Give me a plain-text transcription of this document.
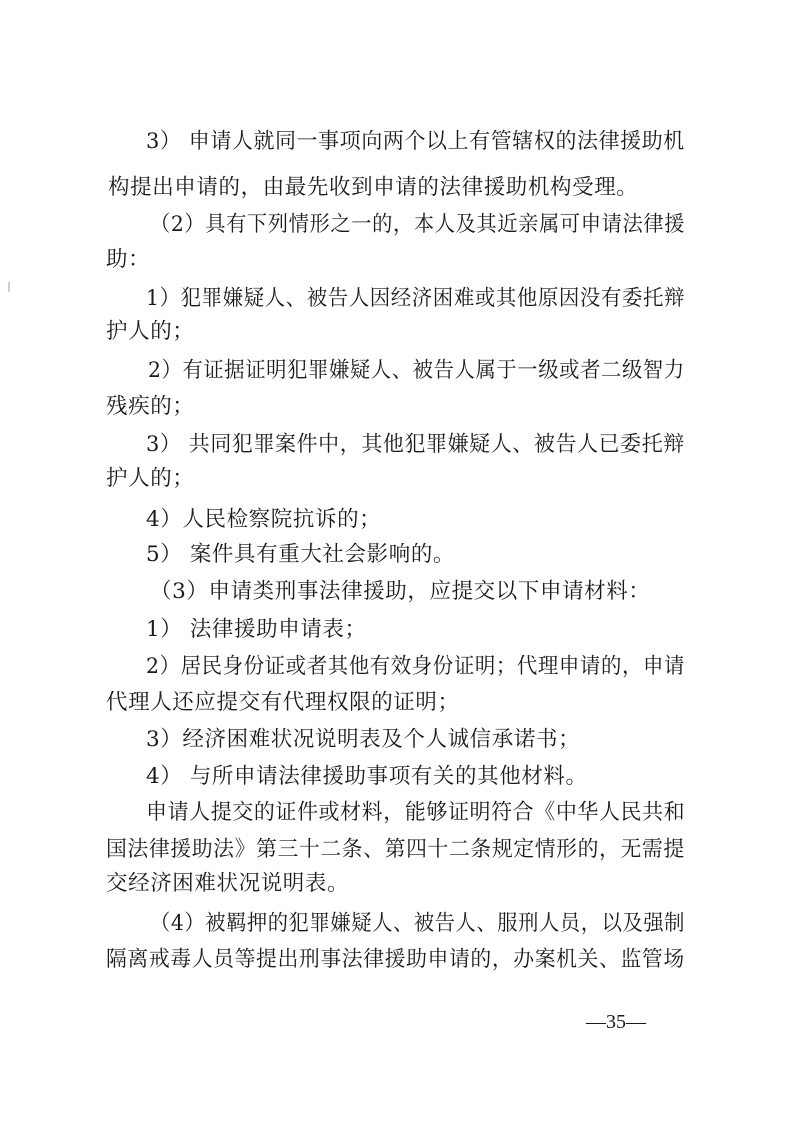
3） 申请人就同一事项向两个以上有管辖权的法律援助机
构提出申请的，由最先收到申请的法律援助机构受理。
（2）具有下列情形之一的，本人及其近亲属可申请法律援
助：
1）犯罪嫌疑人、被告人因经济困难或其他原因没有委托辩
护人的；
2）有证据证明犯罪嫌疑人、被告人属于一级或者二级智力
残疾的；
3） 共同犯罪案件中，其他犯罪嫌疑人、被告人已委托辩
护人的；
4）人民检察院抗诉的；
5） 案件具有重大社会影响的。
（3）申请类刑事法律援助，应提交以下申请材料：
1） 法律援助申请表；
2）居民身份证或者其他有效身份证明；代理申请的，申请
代理人还应提交有代理权限的证明；
3）经济困难状况说明表及个人诚信承诺书；
4） 与所申请法律援助事项有关的其他材料。
申请人提交的证件或材料，能够证明符合《中华人民共和
国法律援助法》第三十二条、第四十二条规定情形的，无需提
交经济困难状况说明表。
（4）被羁押的犯罪嫌疑人、被告人、服刑人员，以及强制
隔离戒毒人员等提出刑事法律援助申请的，办案机关、监管场
—35—
